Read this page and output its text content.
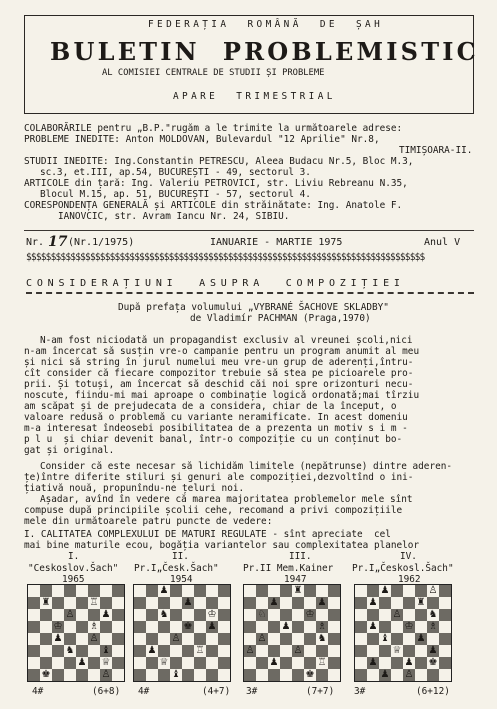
FEDERAȚIA  ROMÂNĂ  DE  ȘAH
BULETIN  PROBLEMISTIC
AL COMISIEI CENTRALE DE STUDII ȘI PROBLEME
APARE  TRIMESTRIAL
COLABORĂRILE pentru „B.P."rugăm a le trimite la următoarele adrese:
PROBLEME INEDITE: Anton MOLDOVAN, Bulevardul "12 Aprilie" Nr.8,
TIMIȘOARA-II.
STUDII INEDITE: Ing.Constantin PETRESCU, Aleea Budacu Nr.5, Bloc M.3,
sc.3, et.III, ap.54, BUCUREȘTI - 49, sectorul 3.
ARTICOLE din țară: Ing. Valeriu PETROVICI, str. Liviu Rebreanu N.35,
Blocul M.15, ap. 51, BUCUREȘTI - 57, sectorul 4.
CORESPONDENȚA GENERALĂ și ARTICOLE din străinătate: Ing. Anatole F.
IANOVCIC, str. Avram Iancu Nr. 24, SIBIU.
Nr. 17 (Nr.1/1975)	IANUARIE - MARTIE 1975	Anul V
$$$$$$$$$$$$$$$$$$$$$$$$$$$$$$$$$$$$$$$$$$$$$$$$$$$$$$$$$$$$$$$$$$$$$$$$$$$$$$$$$
CONSIDERAȚIUNI  ASUPRA  COMPOZIȚIEI
După prefața volumului „VYBRANÉ ŠACHOVE SKLADBY"
de Vladimír PACHMAN (Praga,1970)
N-am fost niciodată un propagandist exclusiv al vreunei școli,nici
n-am încercat să susțin vre-o campanie pentru un program anumit al meu
și nici să string în jurul numelui meu vre-un grup de aderenți,întru-
cît consider că fiecare compozitor trebuie să stea pe picioarele pro-
prii. Și totuși, am încercat să deschid căi noi spre orizonturi necu-
noscute, fiindu-mi mai aproape o combinație logică ordonată;mai tîrziu
am scăpat și de prejudecata de a considera, chiar de la început, o
valoare redusă o problemă cu variante neramificate. In acest domeniu
m-a interesat îndeosebi posibilitatea de a prezenta un motiv s i m -
p l u  și chiar devenit banal, într-o compoziție cu un conținut bo-
gat și original.
Consider că este necesar să lichidăm limitele (nepătrunse) dintre aderen-
țe)între diferite stiluri și genuri ale compoziției,dezvoltînd o ini-
țiativă nouă, propunîndu-ne țeluri noi.
Așadar, avînd în vedere că marea majoritatea problemelor mele sînt
compuse după principiile școlii cehe, recomand a privi compozițiile
mele din următoarele patru puncte de vedere:
I. CALITATEA COMPLEXULUI DE MATURI REGULATE - sînt apreciate  cel
mai bine maturile ecou, bogăția variantelor sau complexitatea planelor
I.	II.	III.	IV.
"Ceskoslov.Šach" Pr.I„Česk.Šach"	Pr.II Mem.Kainer Pr.I„Českosl.Šach"
1965	1954	1947	1962
♜
♟
♔
♙
♞
♟ ♕
♚
♙
♝
♟
♖
♙
♗
♟
♞
♚
♙
♖
♕
♟
♟
♟
♔
♝
♜
♟
♔
♟
♙	♞
♙
♟
♚
♘
♖
♗
♟
♙
♟
♜
♙	♞
♟	♔
♝	♟
♕
♟	♚
♙
♟
♟
♟
♙
♗
♟
4#	(6+8) 4#	(4+7) 3#	(7+7) 3#	(6+12)
